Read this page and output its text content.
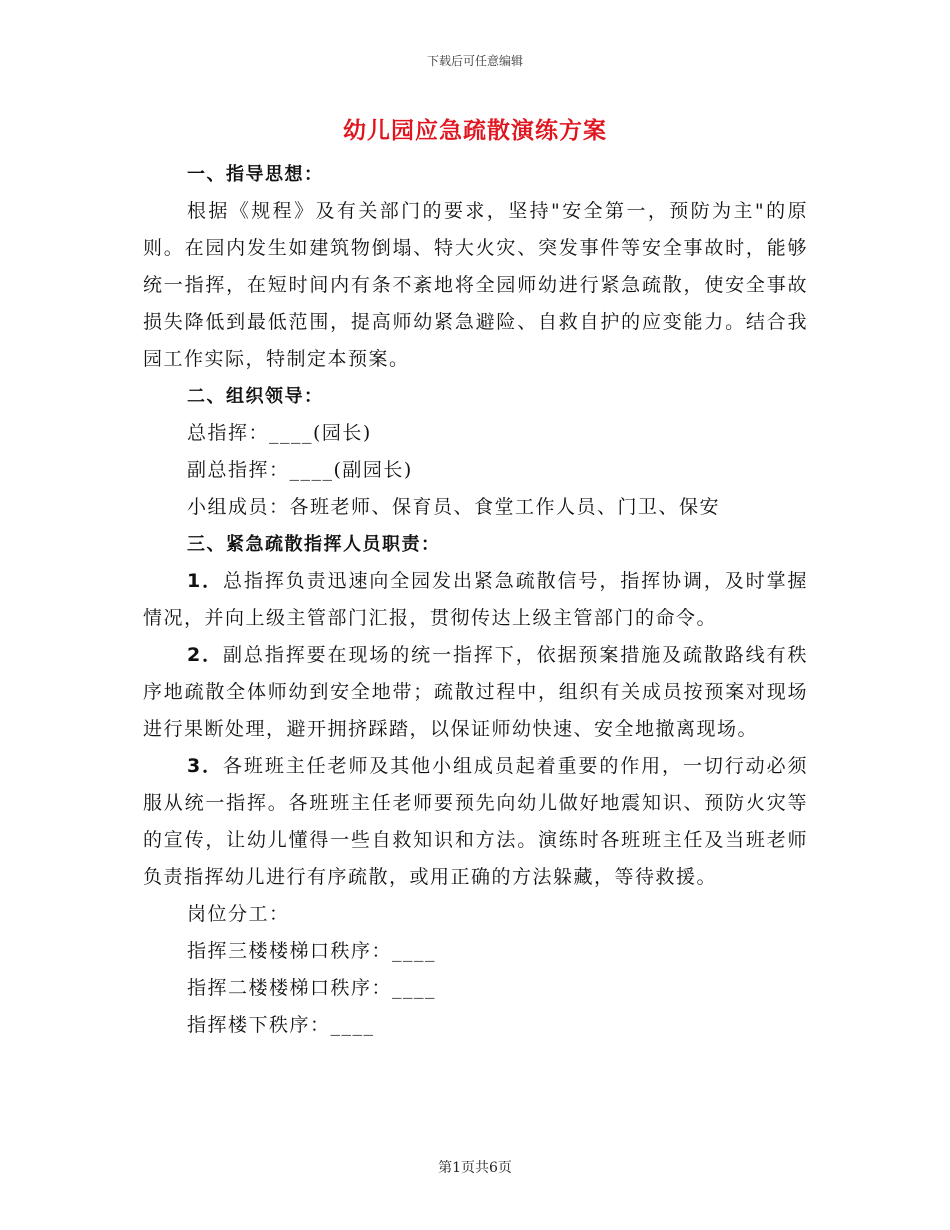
下载后可任意编辑
幼儿园应急疏散演练方案

一、指导思想：

根据《规程》及有关部门的要求，坚持"安全第一，预防为主"的原则。在园内发生如建筑物倒塌、特大火灾、突发事件等安全事故时，能够统一指挥，在短时间内有条不紊地将全园师幼进行紧急疏散，使安全事故损失降低到最低范围，提高师幼紧急避险、自救自护的应变能力。结合我园工作实际，特制定本预案。

二、组织领导：

总指挥：____(园长)

副总指挥：____(副园长)

小组成员：各班老师、保育员、食堂工作人员、门卫、保安

三、紧急疏散指挥人员职责：

1．总指挥负责迅速向全园发出紧急疏散信号，指挥协调，及时掌握情况，并向上级主管部门汇报，贯彻传达上级主管部门的命令。

2．副总指挥要在现场的统一指挥下，依据预案措施及疏散路线有秩序地疏散全体师幼到安全地带；疏散过程中，组织有关成员按预案对现场进行果断处理，避开拥挤踩踏，以保证师幼快速、安全地撤离现场。

3．各班班主任老师及其他小组成员起着重要的作用，一切行动必须服从统一指挥。各班班主任老师要预先向幼儿做好地震知识、预防火灾等的宣传，让幼儿懂得一些自救知识和方法。演练时各班班主任及当班老师负责指挥幼儿进行有序疏散，或用正确的方法躲藏，等待救援。

岗位分工：

指挥三楼楼梯口秩序：____

指挥二楼楼梯口秩序：____

指挥楼下秩序：____

第1页共6页
